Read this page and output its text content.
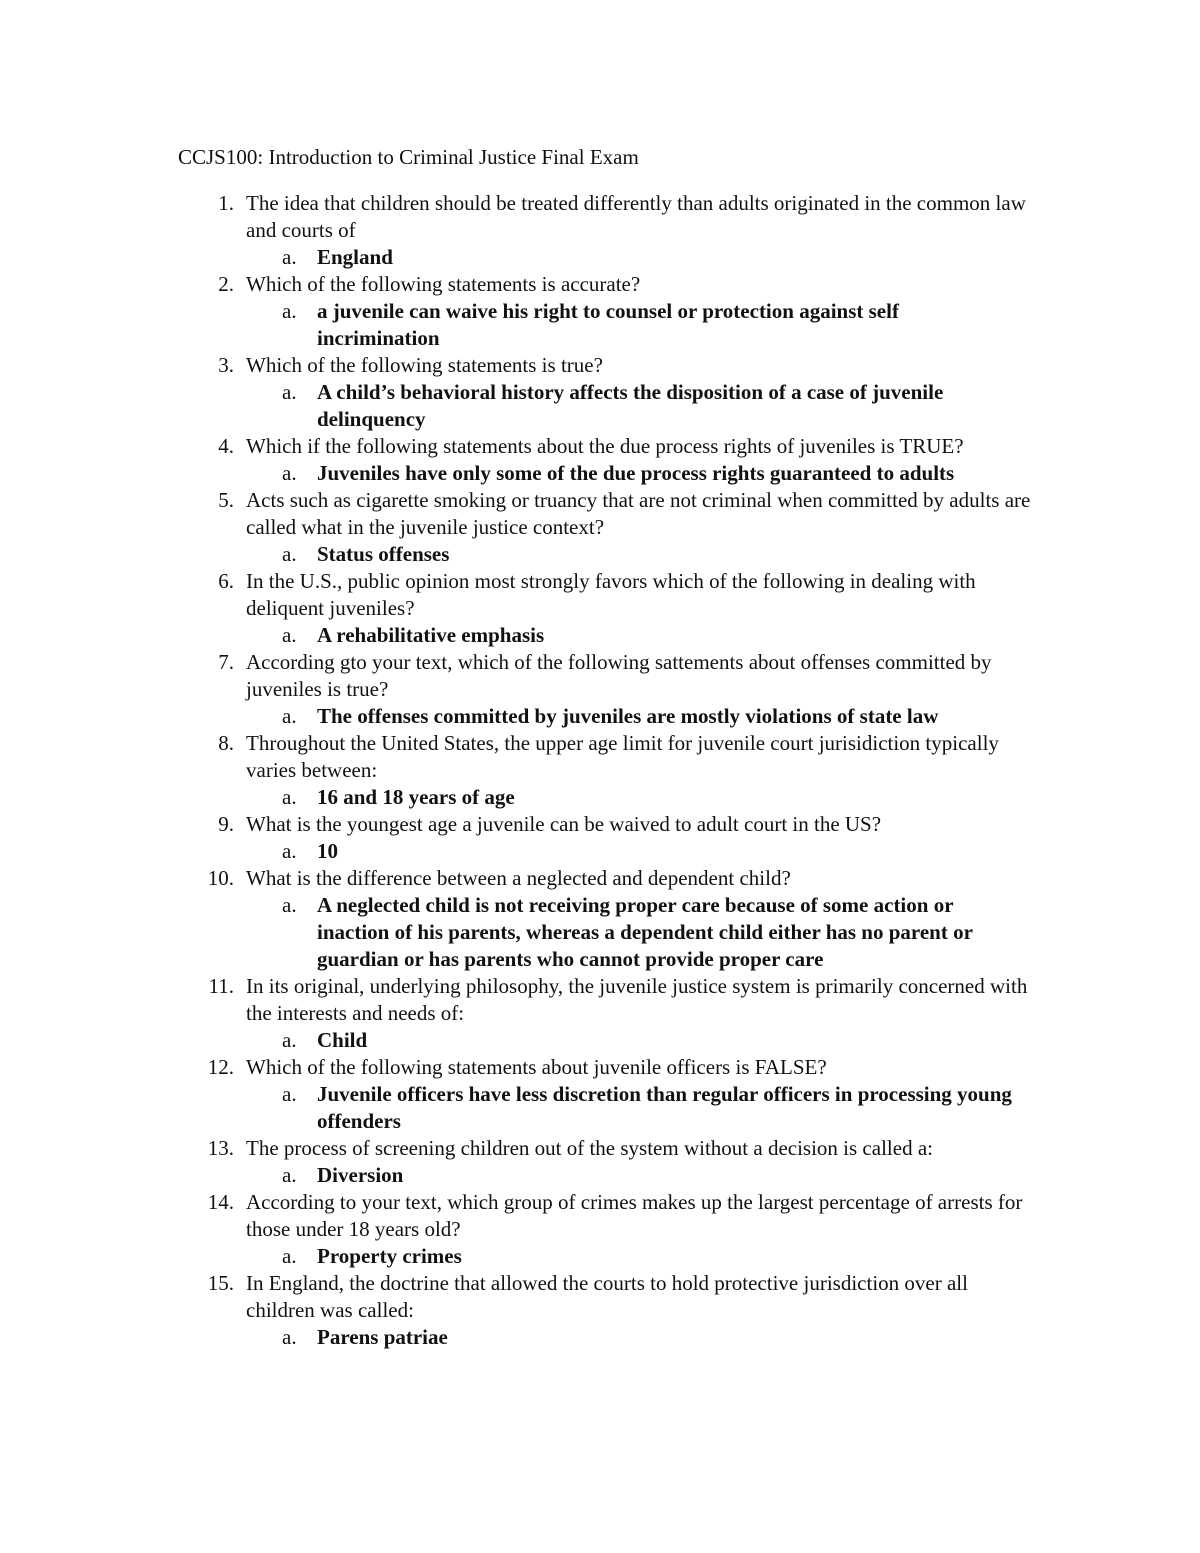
CCJS100: Introduction to Criminal Justice Final Exam
1. The idea that children should be treated differently than adults originated in the common law and courts of
a. England
2. Which of the following statements is accurate?
a. a juvenile can waive his right to counsel or protection against self incrimination
3. Which of the following statements is true?
a. A child’s behavioral history affects the disposition of a case of juvenile delinquency
4. Which if the following statements about the due process rights of juveniles is TRUE?
a. Juveniles have only some of the due process rights guaranteed to adults
5. Acts such as cigarette smoking or truancy that are not criminal when committed by adults are called what in the juvenile justice context?
a. Status offenses
6. In the U.S., public opinion most strongly favors which of the following in dealing with deliquent juveniles?
a. A rehabilitative emphasis
7. According gto your text, which of the following sattements about offenses committed by juveniles is true?
a. The offenses committed by juveniles are mostly violations of state law
8. Throughout the United States, the upper age limit for juvenile court jurisidiction typically varies between:
a. 16 and 18 years of age
9. What is the youngest age a juvenile can be waived to adult court in the US?
a. 10
10. What is the difference between a neglected and dependent child?
a. A neglected child is not receiving proper care because of some action or inaction of his parents, whereas a dependent child either has no parent or guardian or has parents who cannot provide proper care
11. In its original, underlying philosophy, the juvenile justice system is primarily concerned with the interests and needs of:
a. Child
12. Which of the following statements about juvenile officers is FALSE?
a. Juvenile officers have less discretion than regular officers in processing young offenders
13. The process of screening children out of the system without a decision is called a:
a. Diversion
14. According to your text, which group of crimes makes up the largest percentage of arrests for those under 18 years old?
a. Property crimes
15. In England, the doctrine that allowed the courts to hold protective jurisdiction over all children was called:
a. Parens patriae
